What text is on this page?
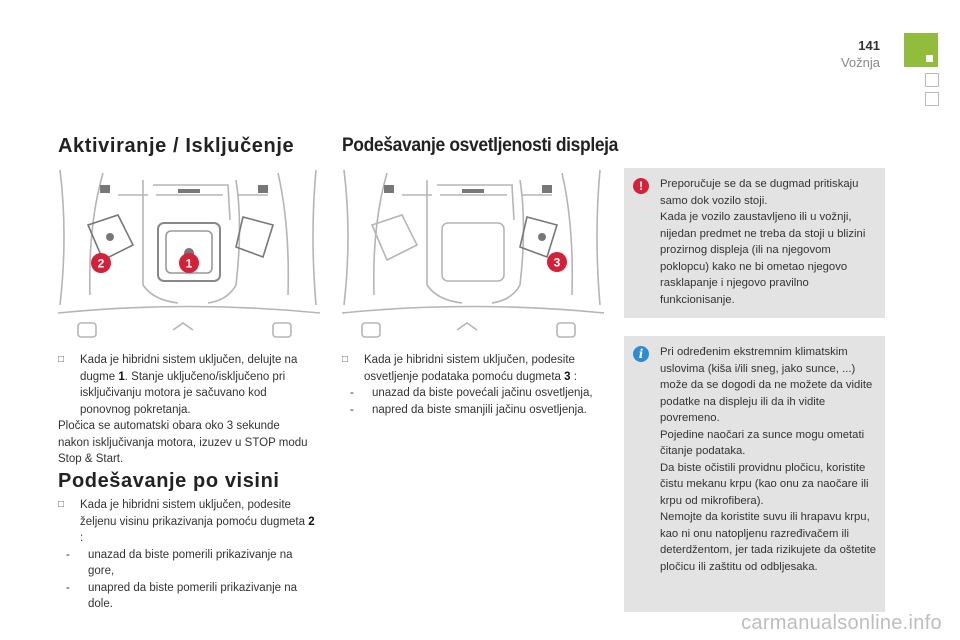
141
Vožnja
Aktiviranje / Isključenje
2	1
□ Kada je hibridni sistem uključen, delujte na dugme 1. Stanje uključeno/isključeno pri isključivanju motora je sačuvano kod ponovnog pokretanja.
Pločica se automatski obara oko 3 sekunde nakon isključivanja motora, izuzev u STOP modu Stop & Start.
Podešavanje po visini
□ Kada je hibridni sistem uključen, podesite željenu visinu prikazivanja pomoću dugmeta 2 :
- unazad da biste pomerili prikazivanje na gore,
- unapred da biste pomerili prikazivanje na dole.
Podešavanje osvetljenosti displeja
3
□ Kada je hibridni sistem uključen, podesite osvetljenje podataka pomoću dugmeta 3 :
- unazad da biste povećali jačinu osvetljenja,
- napred da biste smanjili jačinu osvetljenja.
!	Preporučuje se da se dugmad pritiskaju samo dok vozilo stoji.
Kada je vozilo zaustavljeno ili u vožnji, nijedan predmet ne treba da stoji u blizini prozirnog displeja (ili na njegovom poklopcu) kako ne bi ometao njegovo rasklapanje i njegovo pravilno funkcionisanje.
i	Pri određenim ekstremnim klimatskim uslovima (kiša i/ili sneg, jako sunce, ...) može da se dogodi da ne možete da vidite podatke na displeju ili da ih vidite povremeno.
Pojedine naočari za sunce mogu ometati čitanje podataka.
Da biste očistili providnu pločicu, koristite čistu mekanu krpu (kao onu za naočare ili krpu od mikrofibera).
Nemojte da koristite suvu ili hrapavu krpu, kao ni onu natopljenu razređivačem ili deterdžentom, jer tada rizikujete da oštetite pločicu ili zaštitu od odbljesaka.
carmanualsonline.info
